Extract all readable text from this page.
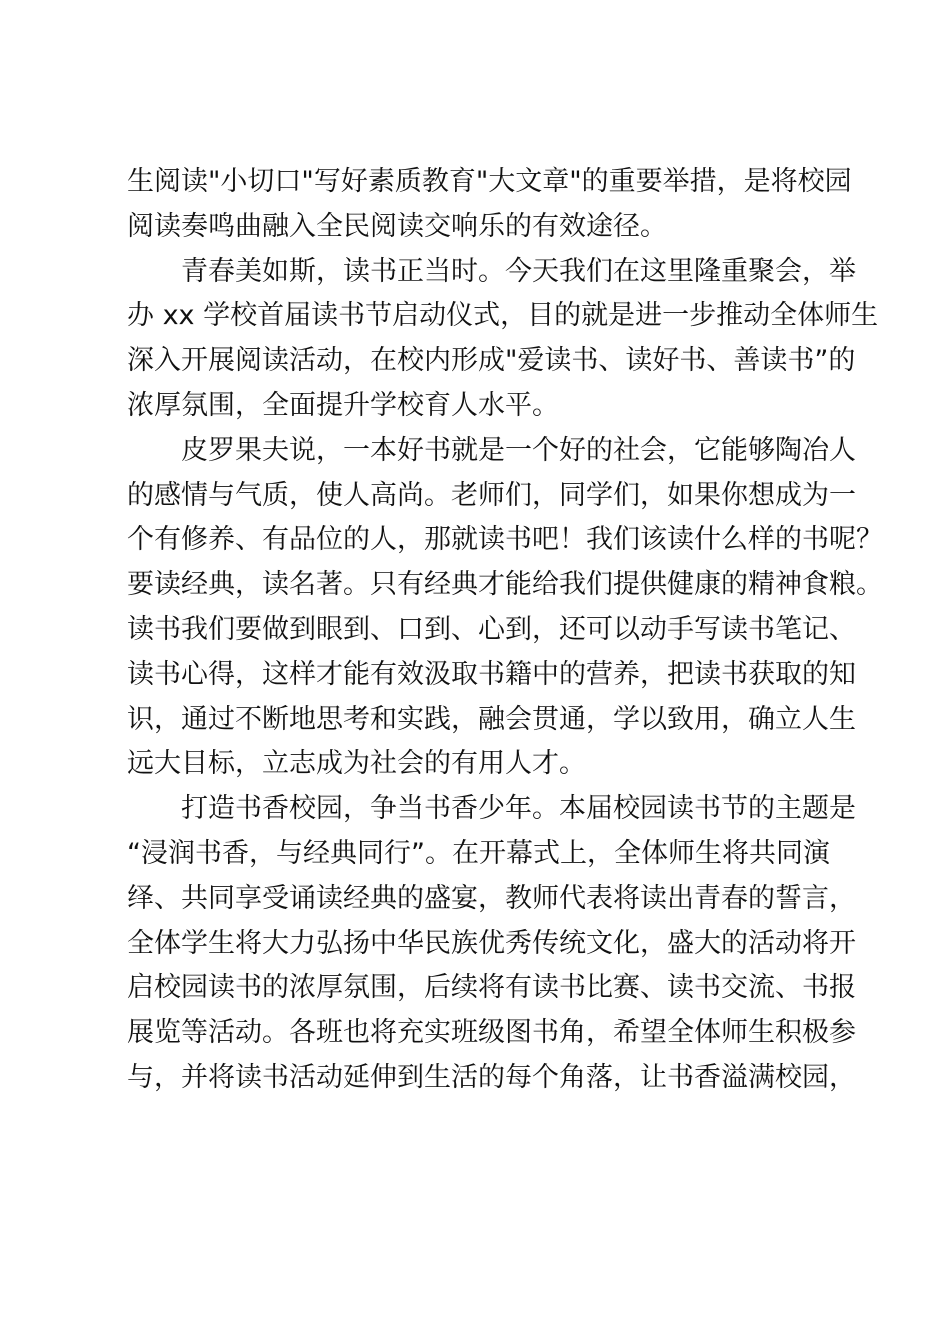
生阅读"小切口"写好素质教育"大文章"的重要举措，是将校园
阅读奏鸣曲融入全民阅读交响乐的有效途径。
青春美如斯，读书正当时。今天我们在这里隆重聚会，举
办 xx 学校首届读书节启动仪式，目的就是进一步推动全体师生
深入开展阅读活动，在校内形成"爱读书、读好书、善读书”的
浓厚氛围，全面提升学校育人水平。
皮罗果夫说，一本好书就是一个好的社会，它能够陶冶人
的感情与气质，使人高尚。老师们，同学们，如果你想成为一
个有修养、有品位的人，那就读书吧！我们该读什么样的书呢？
要读经典，读名著。只有经典才能给我们提供健康的精神食粮。
读书我们要做到眼到、口到、心到，还可以动手写读书笔记、
读书心得，这样才能有效汲取书籍中的营养，把读书获取的知
识，通过不断地思考和实践，融会贯通，学以致用，确立人生
远大目标，立志成为社会的有用人才。
打造书香校园，争当书香少年。本届校园读书节的主题是
“浸润书香，与经典同行”。在开幕式上，全体师生将共同演
绎、共同享受诵读经典的盛宴，教师代表将读出青春的誓言，
全体学生将大力弘扬中华民族优秀传统文化，盛大的活动将开
启校园读书的浓厚氛围，后续将有读书比赛、读书交流、书报
展览等活动。各班也将充实班级图书角，希望全体师生积极参
与，并将读书活动延伸到生活的每个角落，让书香溢满校园，
